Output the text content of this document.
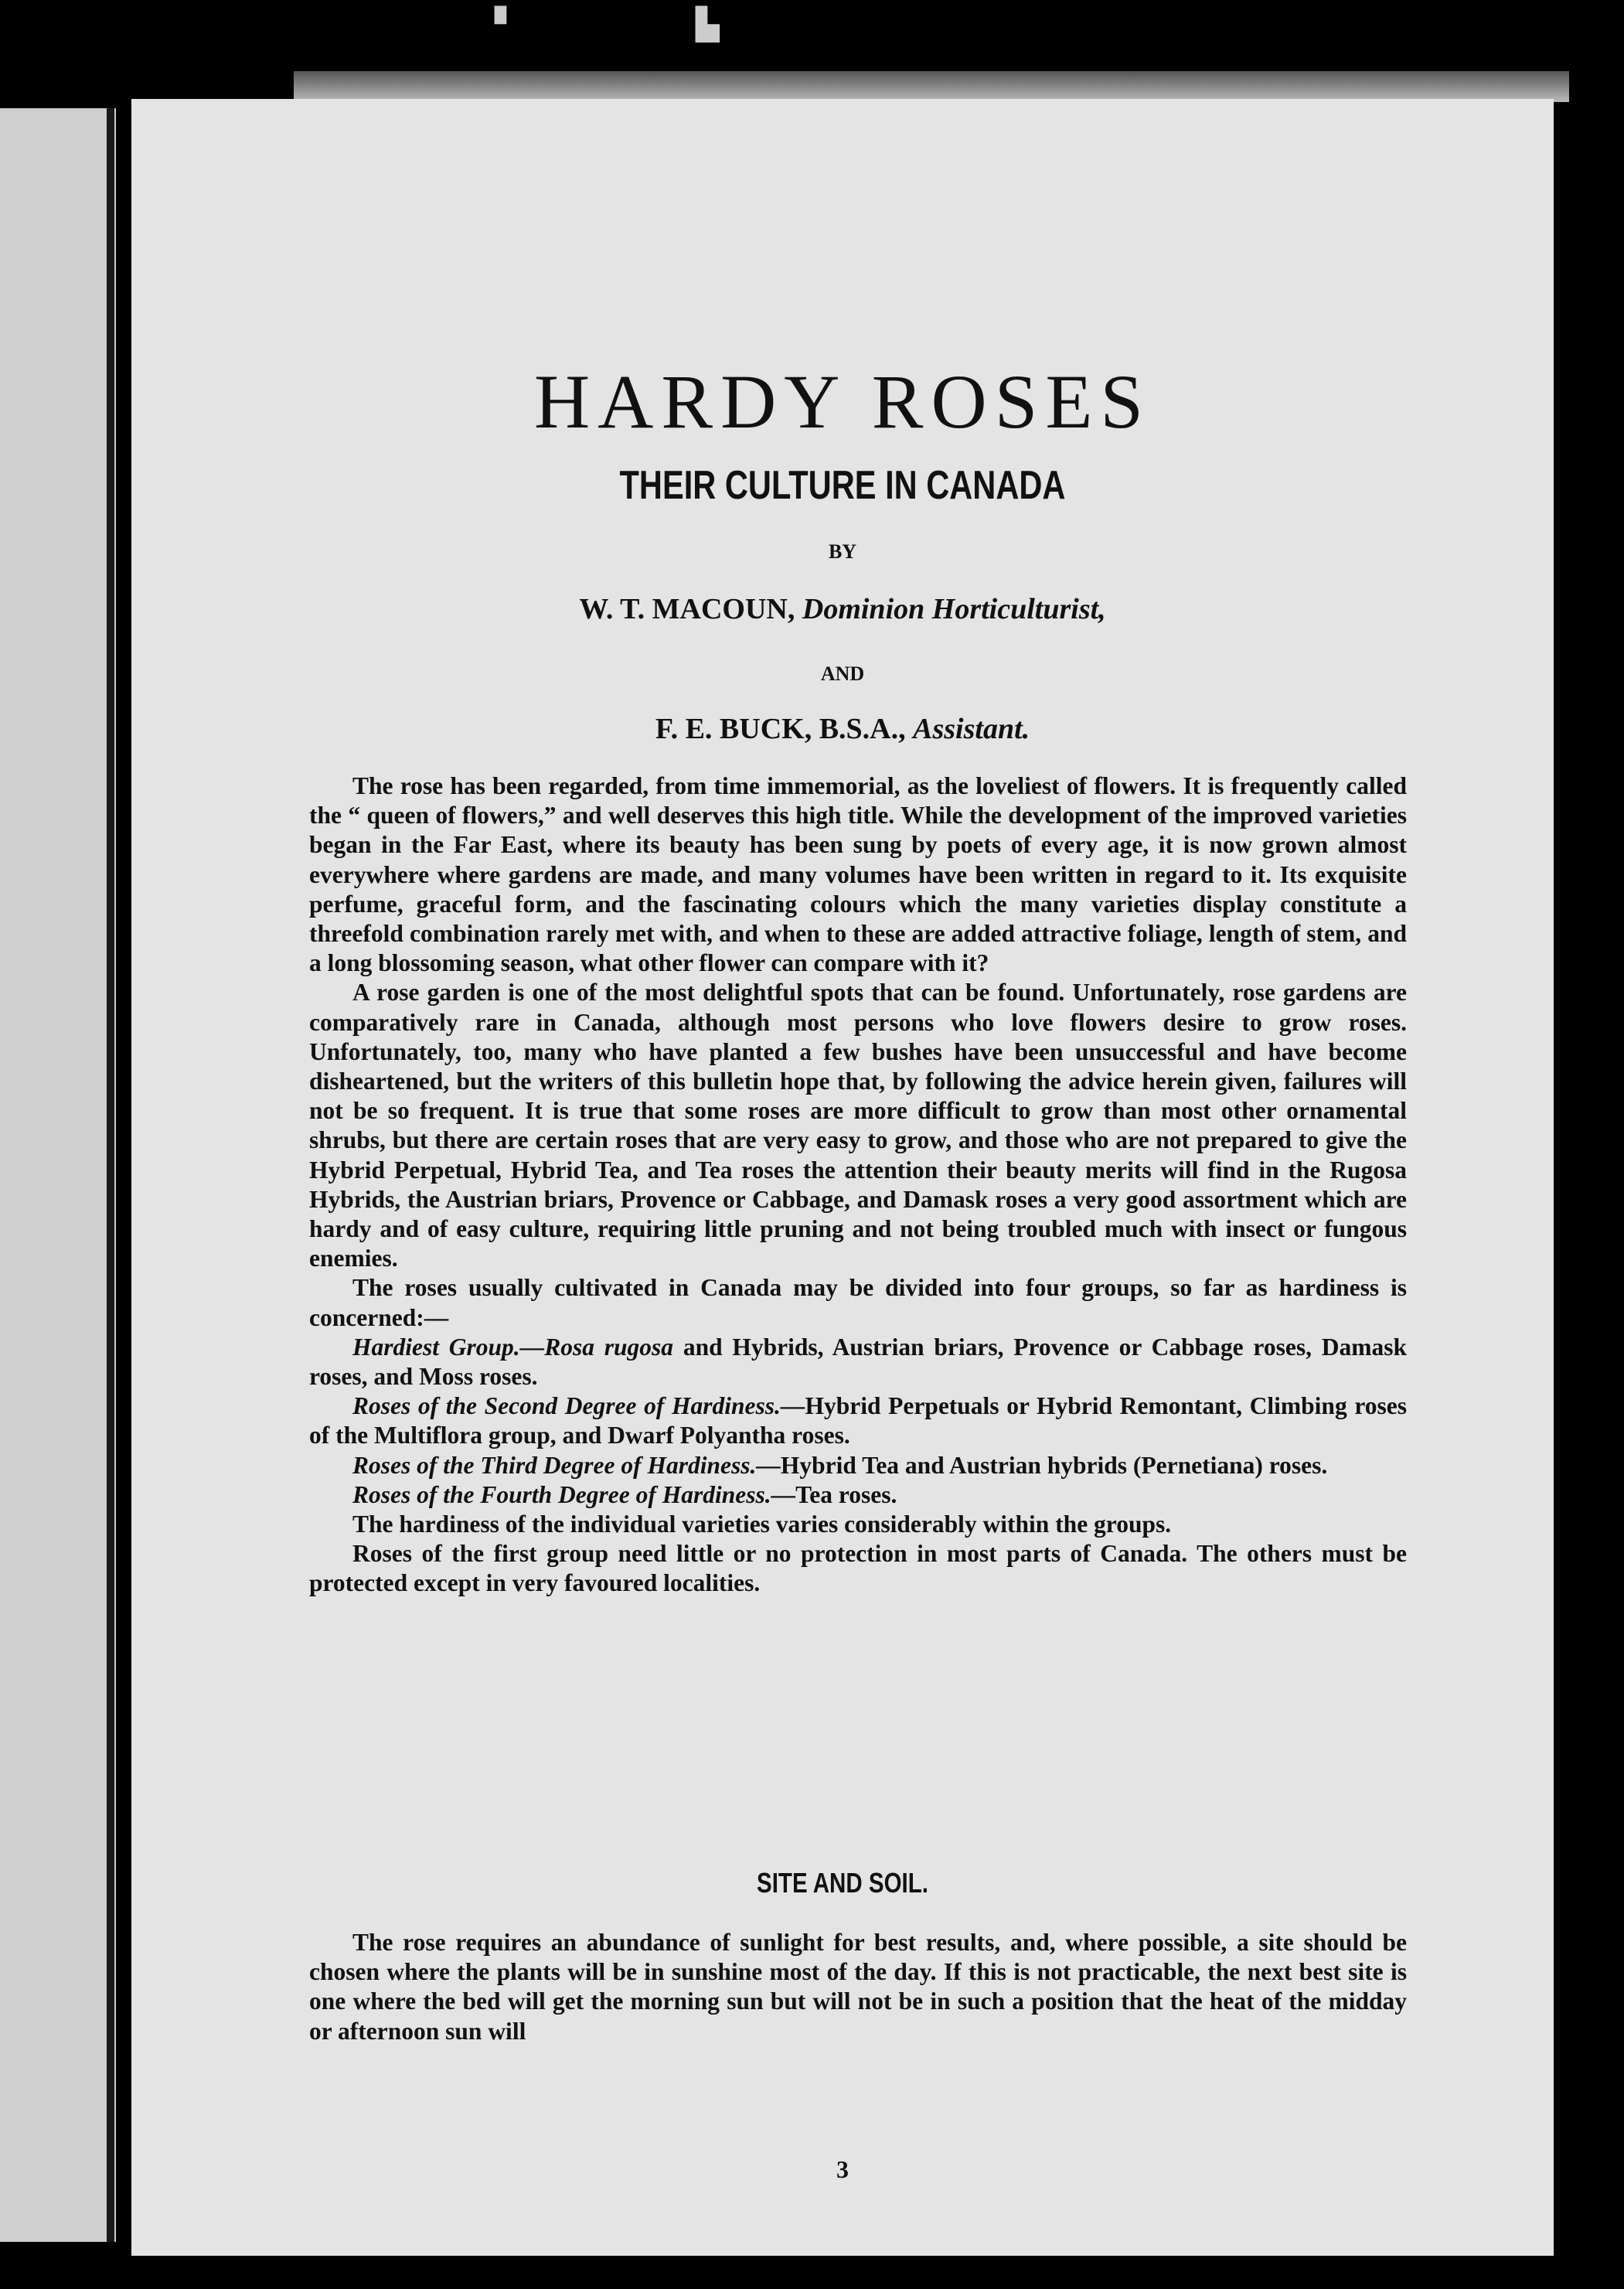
▘	▙
HARDY ROSES
THEIR CULTURE IN CANADA
BY
W. T. MACOUN, Dominion Horticulturist,
AND
F. E. BUCK, B.S.A., Assistant.

The rose has been regarded, from time immemorial, as the loveliest of flowers. It is frequently called the “ queen of flowers,” and well deserves this high title. While the development of the improved varieties began in the Far East, where its beauty has been sung by poets of every age, it is now grown almost everywhere where gardens are made, and many volumes have been written in regard to it. Its exquisite perfume, graceful form, and the fascinating colours which the many varieties display constitute a threefold combination rarely met with, and when to these are added attractive foliage, length of stem, and a long blossoming season, what other flower can compare with it?

A rose garden is one of the most delightful spots that can be found. Unfortunately, rose gardens are comparatively rare in Canada, although most persons who love flowers desire to grow roses. Unfortunately, too, many who have planted a few bushes have been unsuccessful and have become disheartened, but the writers of this bulletin hope that, by following the advice herein given, failures will not be so frequent. It is true that some roses are more difficult to grow than most other ornamental shrubs, but there are certain roses that are very easy to grow, and those who are not prepared to give the Hybrid Perpetual, Hybrid Tea, and Tea roses the attention their beauty merits will find in the Rugosa Hybrids, the Austrian briars, Provence or Cabbage, and Damask roses a very good assortment which are hardy and of easy culture, requiring little pruning and not being troubled much with insect or fungous enemies.

The roses usually cultivated in Canada may be divided into four groups, so far as hardiness is concerned:—

Hardiest Group.—Rosa rugosa and Hybrids, Austrian briars, Provence or Cabbage roses, Damask roses, and Moss roses.

Roses of the Second Degree of Hardiness.—Hybrid Perpetuals or Hybrid Remontant, Climbing roses of the Multiflora group, and Dwarf Polyantha roses.

Roses of the Third Degree of Hardiness.—Hybrid Tea and Austrian hybrids (Pernetiana) roses.

Roses of the Fourth Degree of Hardiness.—Tea roses.

The hardiness of the individual varieties varies considerably within the groups.

Roses of the first group need little or no protection in most parts of Canada. The others must be protected except in very favoured localities.

SITE AND SOIL.

The rose requires an abundance of sunlight for best results, and, where possible, a site should be chosen where the plants will be in sunshine most of the day. If this is not practicable, the next best site is one where the bed will get the morning sun but will not be in such a position that the heat of the midday or afternoon sun will

3
